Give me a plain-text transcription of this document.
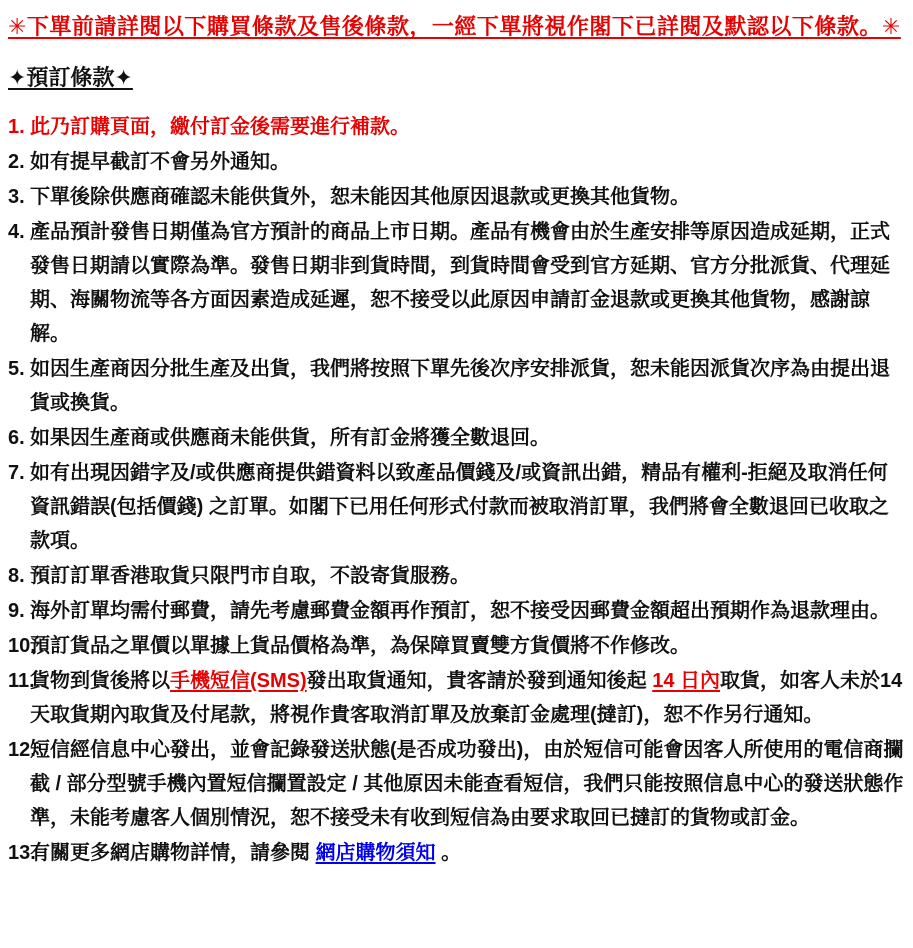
✳下單前請詳閱以下購買條款及售後條款，一經下單將視作閣下已詳閱及默認以下條款。✳
✦預訂條款✦
1. 此乃訂購頁面，繳付訂金後需要進行補款。
2. 如有提早截訂不會另外通知。
3. 下單後除供應商確認未能供貨外，恕未能因其他原因退款或更換其他貨物。
4. 產品預計發售日期僅為官方預計的商品上市日期。產品有機會由於生產安排等原因造成延期，正式發售日期請以實際為準。發售日期非到貨時間，到貨時間會受到官方延期、官方分批派貨、代理延期、海關物流等各方面因素造成延遲，恕不接受以此原因申請訂金退款或更換其他貨物，感謝諒解。
5. 如因生產商因分批生產及出貨，我們將按照下單先後次序安排派貨，恕未能因派貨次序為由提出退貨或換貨。
6. 如果因生產商或供應商未能供貨，所有訂金將獲全數退回。
7. 如有出現因錯字及/或供應商提供錯資料以致產品價錢及/或資訊出錯，精品有權利-拒絕及取消任何資訊錯誤(包括價錢) 之訂單。如閣下已用任何形式付款而被取消訂單，我們將會全數退回已收取之款項。
8. 預訂訂單香港取貨只限門市自取，不設寄貨服務。
9. 海外訂單均需付郵費，請先考慮郵費金額再作預訂，恕不接受因郵費金額超出預期作為退款理由。
10.
預訂貨品之單價以單據上貨品價格為準，為保障買賣雙方貨價將不作修改。
11.
貨物到貨後將以手機短信(SMS)發出取貨通知，貴客請於發到通知後起 14 日內取貨，如客人未於14 天取貨期內取貨及付尾款，將視作貴客取消訂單及放棄訂金處理(撻訂)，恕不作另行通知。
12.
短信經信息中心發出，並會記錄發送狀態(是否成功發出)，由於短信可能會因客人所使用的電信商攔截 / 部分型號手機內置短信攔置設定 / 其他原因未能查看短信，我們只能按照信息中心的發送狀態作準，未能考慮客人個別情況，恕不接受未有收到短信為由要求取回已撻訂的貨物或訂金。
13.
有關更多網店購物詳情，請參閱 網店購物須知 。
